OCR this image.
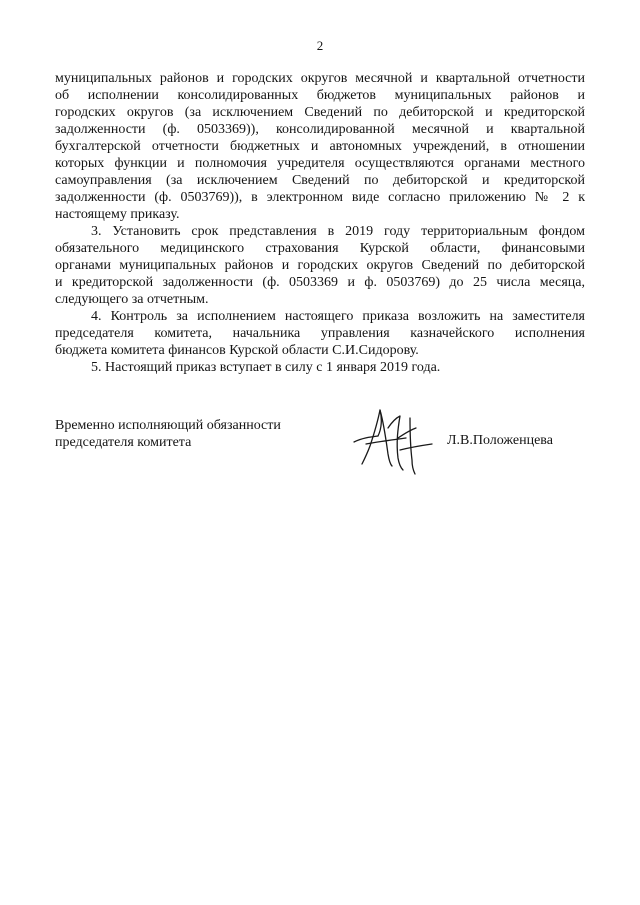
2

муниципальных районов и городских округов месячной и квартальной отчетности
об исполнении консолидированных бюджетов муниципальных районов и
городских округов (за исключением Сведений по дебиторской и кредиторской
задолженности (ф. 0503369)), консолидированной месячной и квартальной
бухгалтерской отчетности бюджетных и автономных учреждений, в отношении
которых функции и полномочия учредителя осуществляются органами местного
самоуправления (за исключением Сведений по дебиторской и кредиторской
задолженности (ф. 0503769)), в электронном виде согласно приложению № 2 к
настоящему приказу.

3. Установить срок представления в 2019 году территориальным фондом
обязательного медицинского страхования Курской области, финансовыми
органами муниципальных районов и городских округов Сведений по дебиторской
и кредиторской задолженности (ф. 0503369 и ф. 0503769) до 25 числа месяца,
следующего за отчетным.

4. Контроль за исполнением настоящего приказа возложить на заместителя
председателя комитета, начальника управления казначейского исполнения
бюджета комитета финансов Курской области С.И.Сидорову.

5. Настоящий приказ вступает в силу с 1 января 2019 года.

Временно исполняющий обязанности
председателя комитета	Л.В.Положенцева
